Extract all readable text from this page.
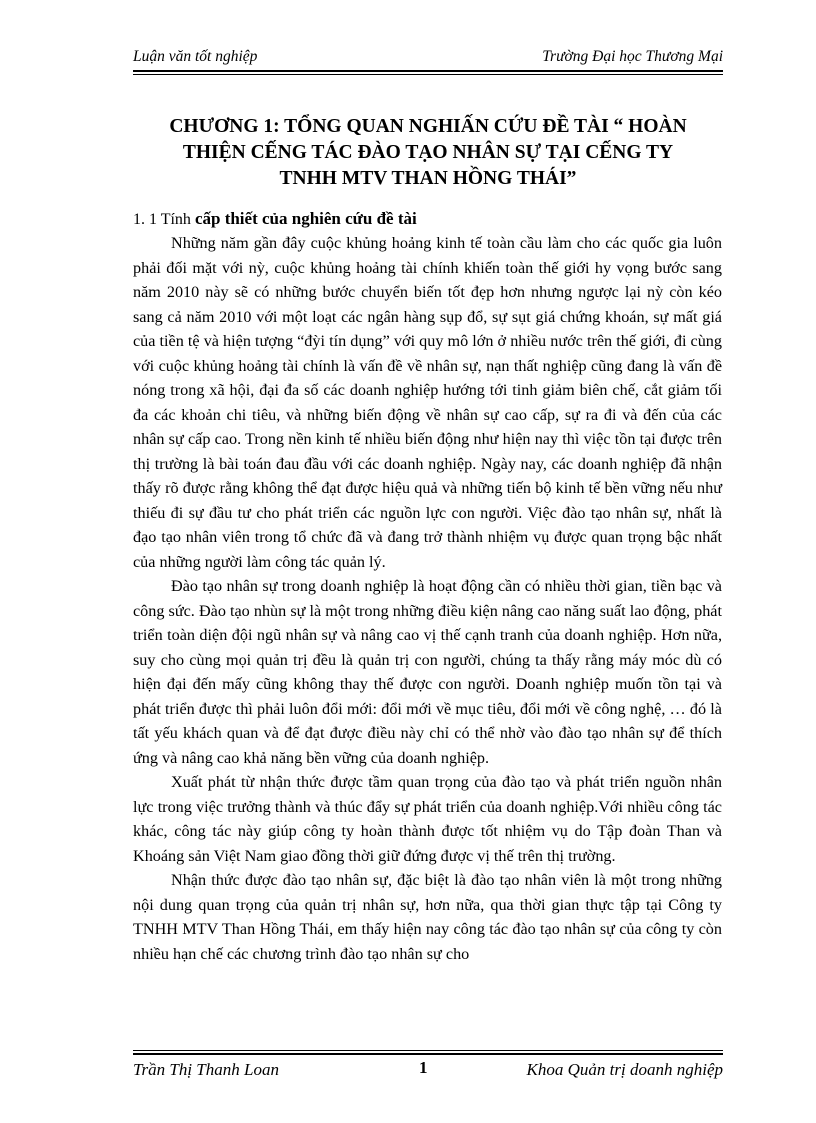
Luận văn tốt nghiệp	Trường Đại học Thương Mại
CHƯƠNG 1: TỔNG QUAN NGHIẤN CỨU ĐỀ TÀI “ HOÀN
THIỆN CẾNG TÁC ĐÀO TẠO NHÂN SỰ TẠI CẾNG TY
TNHH MTV THAN HỒNG THÁI”
1. 1 Tính cấp thiết của nghiên cứu đề tài

Những năm gần đây cuộc khủng hoảng kinh tế toàn cầu làm cho các quốc gia luôn phải đối mặt với nỳ, cuộc khủng hoảng tài chính khiến toàn thế giới hy vọng bước sang năm 2010 này sẽ có những bước chuyển biến tốt đẹp hơn nhưng ngược lại nỳ còn kéo sang cả năm 2010 với một loạt các ngân hàng sụp đổ, sự sụt giá chứng khoán, sự mất giá của tiền tệ và hiện tượng “đỳi tín dụng” với quy mô lớn ở nhiều nước trên thế giới, đi cùng với cuộc khủng hoảng tài chính là vấn đề về nhân sự, nạn thất nghiệp cũng đang là vấn đề nóng trong xã hội, đại đa số các doanh nghiệp hướng tới tinh giảm biên chế, cắt giảm tối đa các khoản chi tiêu, và những biến động về nhân sự cao cấp, sự ra đi và đến của các nhân sự cấp cao. Trong nền kinh tế nhiều biến động như hiện nay thì việc tồn tại được trên thị trường là bài toán đau đầu với các doanh nghiệp. Ngày nay, các doanh nghiệp đã nhận thấy rõ được rằng không thể đạt được hiệu quả và những tiến bộ kinh tế bền vững nếu như thiếu đi sự đầu tư cho phát triển các nguồn lực con người. Việc đào tạo nhân sự, nhất là đạo tạo nhân viên trong tổ chức đã và đang trở thành nhiệm vụ được quan trọng bậc nhất của những người làm công tác quản lý.

Đào tạo nhân sự trong doanh nghiệp là hoạt động cần có nhiều thời gian, tiền bạc và công sức. Đào tạo nhùn sự là một trong những điều kiện nâng cao năng suất lao động, phát triển toàn diện đội ngũ nhân sự và nâng cao vị thế cạnh tranh của doanh nghiệp. Hơn nữa, suy cho cùng mọi quản trị đều là quản trị con người, chúng ta thấy rằng máy móc dù có hiện đại đến mấy cũng không thay thế được con người. Doanh nghiệp muốn tồn tại và phát triển được thì phải luôn đổi mới: đổi mới về mục tiêu, đổi mới về công nghệ, … đó là tất yếu khách quan và để đạt được điều này chỉ có thể nhờ vào đào tạo nhân sự để thích ứng và nâng cao khả năng bền vững của doanh nghiệp.

Xuất phát từ nhận thức được tầm quan trọng của đào tạo và phát triển nguồn nhân lực trong việc trưởng thành và thúc đẩy sự phát triển của doanh nghiệp.Với nhiều công tác khác, công tác này giúp công ty hoàn thành được tốt nhiệm vụ do Tập đoàn Than và Khoáng sản Việt Nam giao đồng thời giữ đứng được vị thế trên thị trường.

Nhận thức được đào tạo nhân sự, đặc biệt là đào tạo nhân viên là một trong những nội dung quan trọng của quản trị nhân sự, hơn nữa, qua thời gian thực tập tại Công ty TNHH MTV Than Hồng Thái, em thấy hiện nay công tác đào tạo nhân sự của công ty còn nhiều hạn chế các chương trình đào tạo nhân sự cho

Trần Thị Thanh Loan	1	Khoa Quản trị doanh nghiệp
